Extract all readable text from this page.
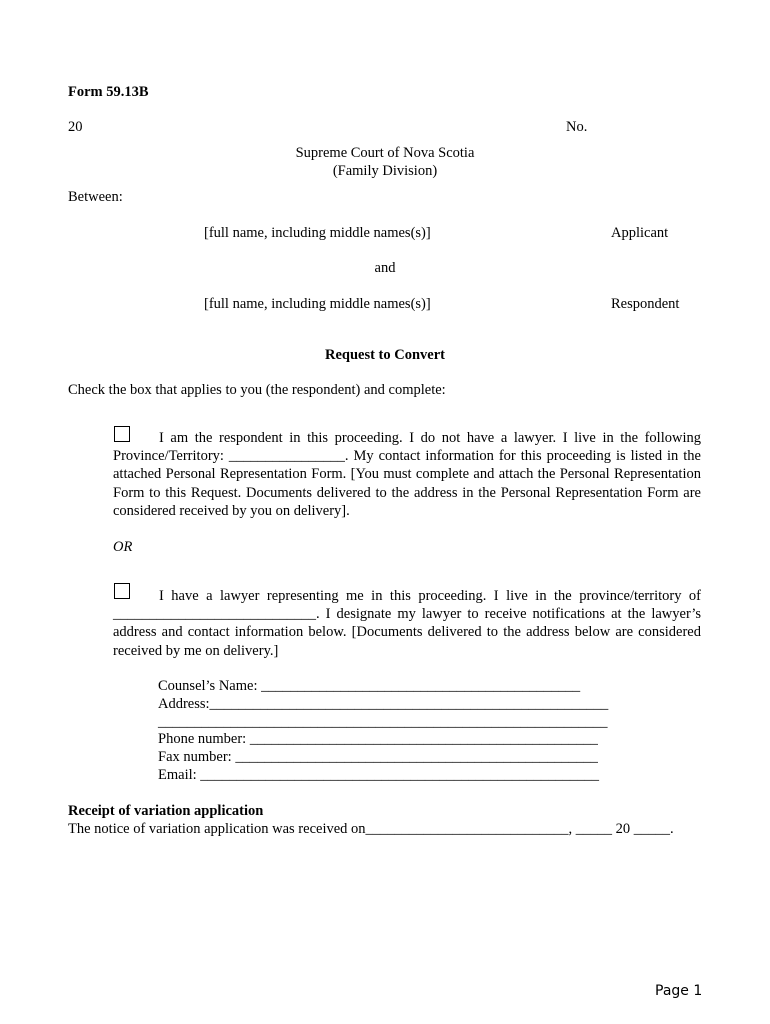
Form 59.13B
20	No.
Supreme Court of Nova Scotia
(Family Division)
Between:
[full name, including middle names(s)]	Applicant
and
[full name, including middle names(s)]	Respondent
Request to Convert
Check the box that applies to you (the respondent) and complete:
I am the respondent in this proceeding. I do not have a lawyer. I live in the following Province/Territory: ________________. My contact information for this proceeding is listed in the attached Personal Representation Form. [You must complete and attach the Personal Representation Form to this Request. Documents delivered to the address in the Personal Representation Form are considered received by you on delivery].
OR
I have a lawyer representing me in this proceeding. I live in the province/territory of ____________________________. I designate my lawyer to receive notifications at the lawyer’s address and contact information below. [Documents delivered to the address below are considered received by me on delivery.]
Counsel’s Name: ____________________________________________
Address:_______________________________________________________
______________________________________________________________
Phone number: ________________________________________________
Fax number: __________________________________________________
Email: _______________________________________________________
Receipt of variation application
The notice of variation application was received on____________________________, _____ 20 _____.
Page 1
